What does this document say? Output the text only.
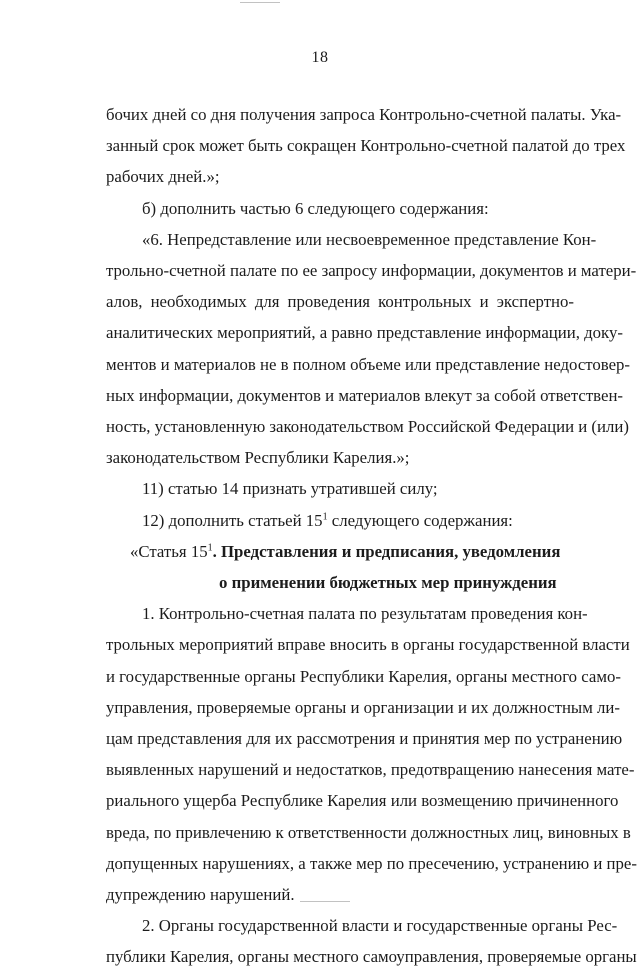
18

бочих дней со дня получения запроса Контрольно-счетной палаты. Ука-
занный срок может быть сокращен Контрольно-счетной палатой до трех
рабочих дней.»;

б) дополнить частью 6 следующего содержания:

«6. Непредставление или несвоевременное представление Кон-
трольно-счетной палате по ее запросу информации, документов и матери-
алов, необходимых для проведения контрольных и экспертно-
аналитических мероприятий, а равно представление информации, доку-
ментов и материалов не в полном объеме или представление недостовер-
ных информации, документов и материалов влекут за собой ответствен-
ность, установленную законодательством Российской Федерации и (или)
законодательством Республики Карелия.»;

11) статью 14 признать утратившей силу;

12) дополнить статьей $15^1$ следующего содержания:

«Статья $15^1$. Представления и предписания, уведомления
о применении бюджетных мер принуждения

1. Контрольно-счетная палата по результатам проведения кон-
трольных мероприятий вправе вносить в органы государственной власти
и государственные органы Республики Карелия, органы местного само-
управления, проверяемые органы и организации и их должностным ли-
цам представления для их рассмотрения и принятия мер по устранению
выявленных нарушений и недостатков, предотвращению нанесения мате-
риального ущерба Республике Карелия или возмещению причиненного
вреда, по привлечению к ответственности должностных лиц, виновных в
допущенных нарушениях, а также мер по пресечению, устранению и пре-
дупреждению нарушений.

2. Органы государственной власти и государственные органы Рес-
публики Карелия, органы местного самоуправления, проверяемые органы
